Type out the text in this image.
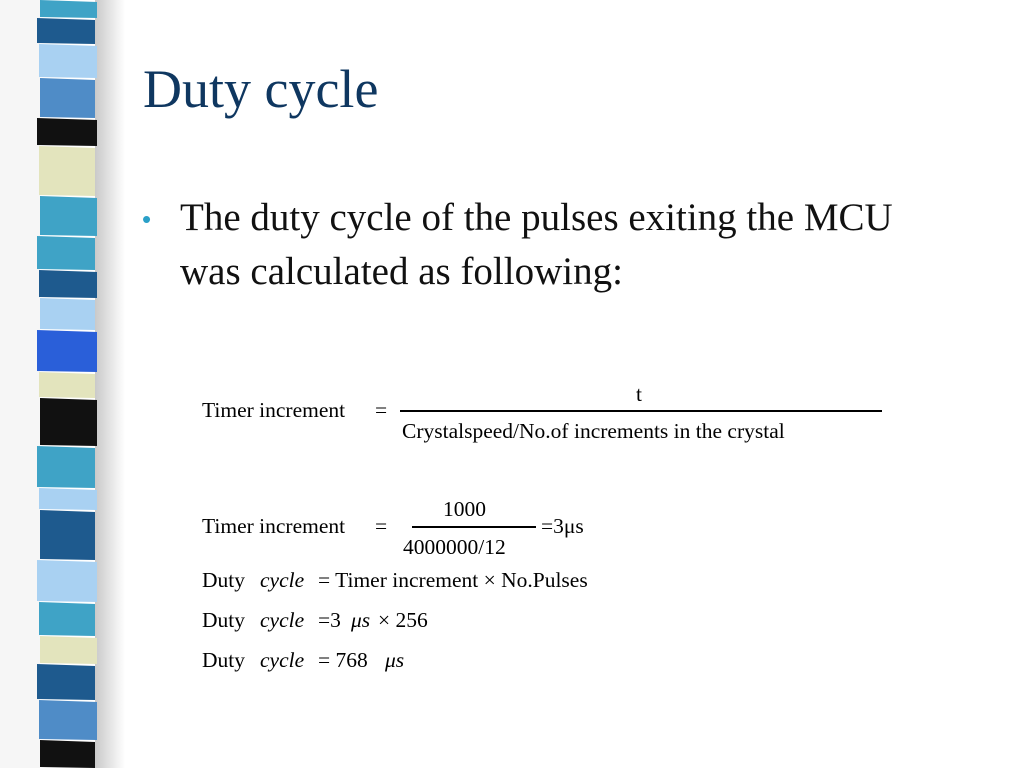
Duty cycle
• The duty cycle of the pulses exiting the MCU was calculated as following:
Timer increment =
t
Crystalspeed/No.of increments in the crystal
Timer increment =
1000
4000000/12
=3μs
Duty cycle = Timer increment × No.Pulses
Duty cycle =3 μs × 256
Duty cycle = 768 μs
